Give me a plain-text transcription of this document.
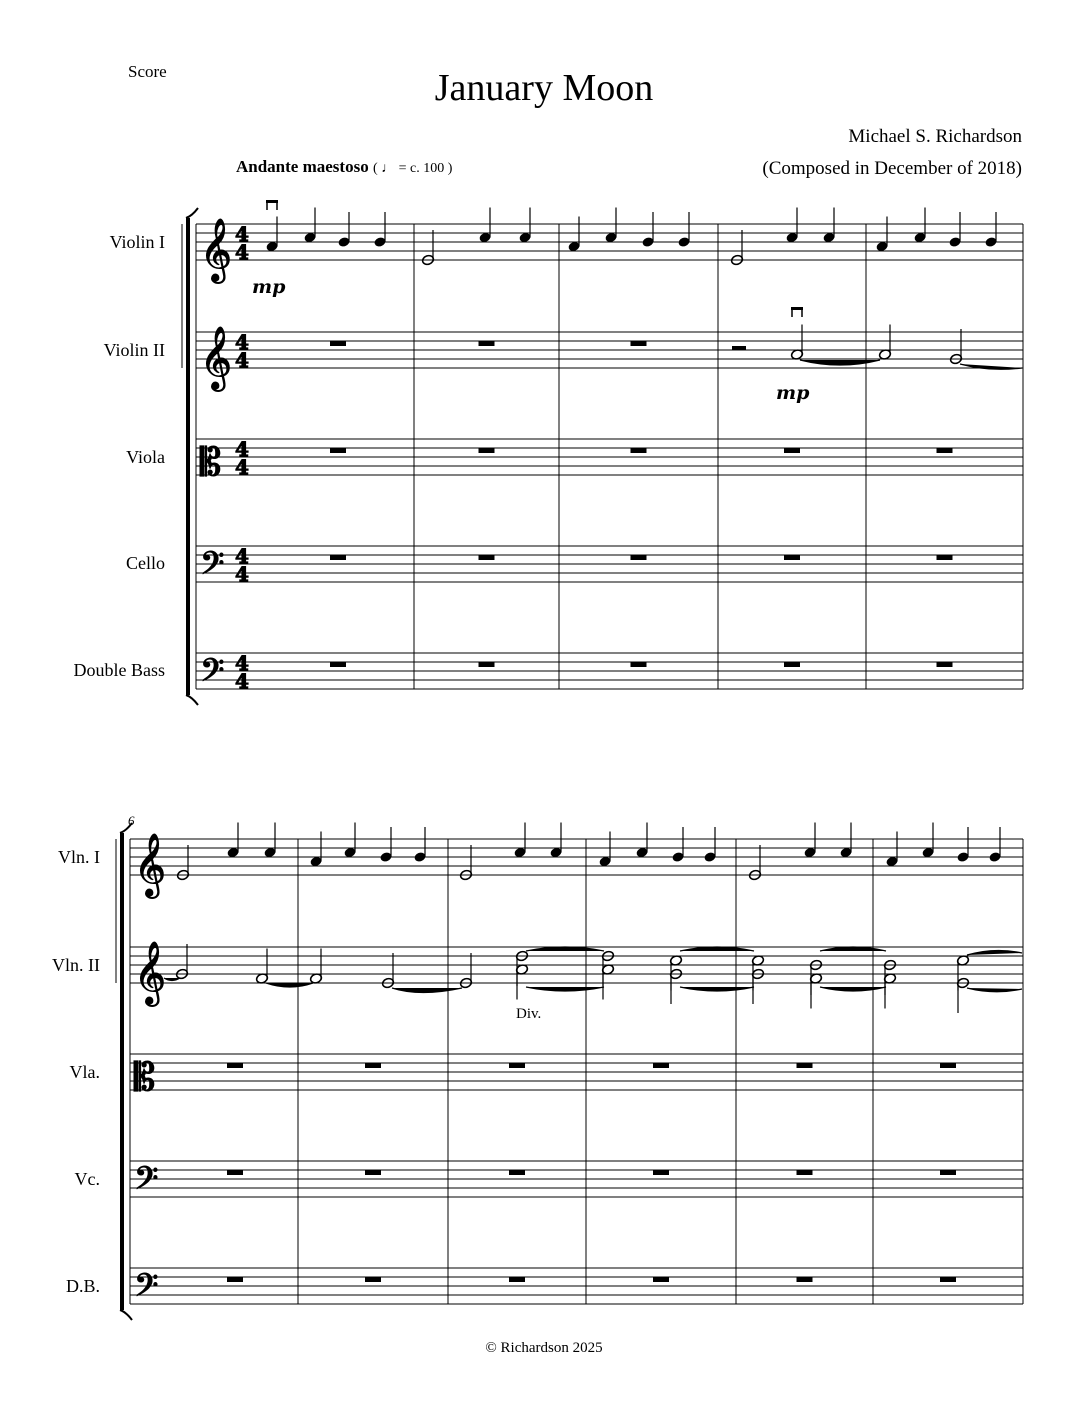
Score	January Moon
Michael S. Richardson
(Composed in December of 2018)
Andante maestoso ( ♩ = c. 100 )
Violin I
Violin II
Viola
Cello
Double Bass
Vln. I
Vln. II
Vla.
Vc.
D.B.
𝄞 4
4
𝄞 4
4
𝄡 4
4
𝄢 4
4
𝄢 4
4
𝄞
𝄞
𝄡
𝄢
𝄢
mp
mp
Div.
6
© Richardson 2025
